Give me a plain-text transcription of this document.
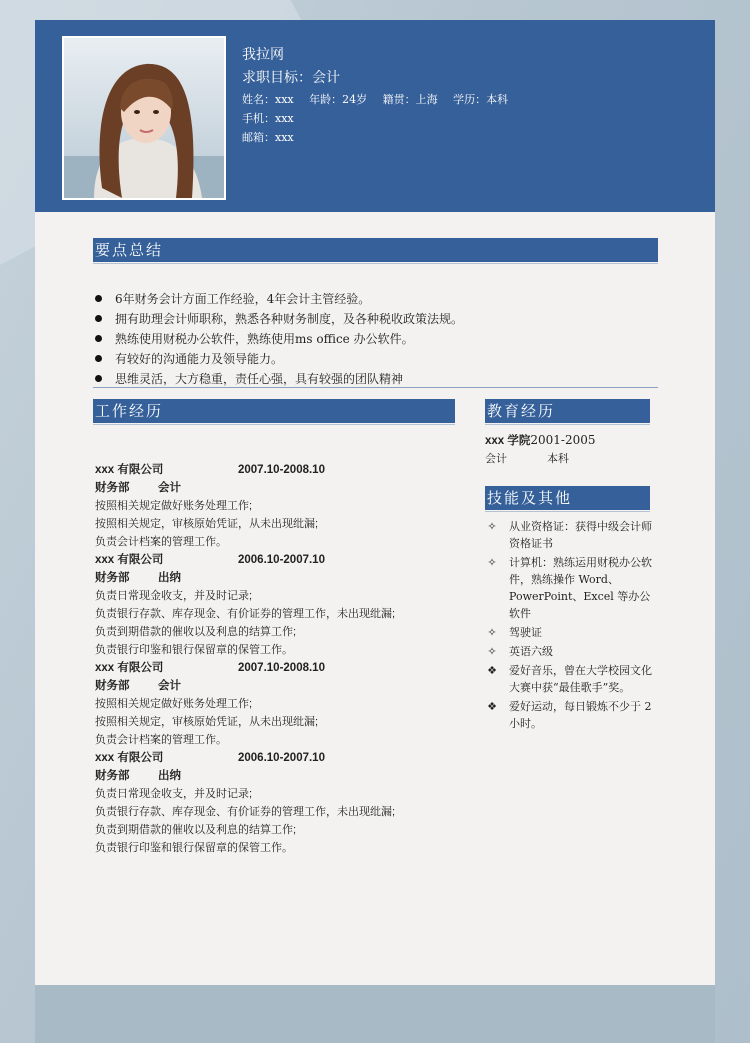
我拉网
求职目标：会计
姓名：xxx 年龄：24岁 籍贯：上海 学历：本科
手机：xxx
邮箱：xxx
要点总结
6年财务会计方面工作经验，4年会计主管经验。
拥有助理会计师职称，熟悉各种财务制度，及各种税收政策法规。
熟练使用财税办公软件，熟练使用ms office 办公软件。
有较好的沟通能力及领导能力。
思维灵活，大方稳重，责任心强，具有较强的团队精神
工作经历	教育经历
xxx 有限公司	2007.10-2008.10
财务部 会计
按照相关规定做好账务处理工作;
按照相关规定，审核原始凭证，从未出现纰漏;
负责会计档案的管理工作。
xxx 有限公司	2006.10-2007.10
财务部 出纳
负责日常现金收支，并及时记录;
负责银行存款、库存现金、有价证券的管理工作，未出现纰漏;
负责到期借款的催收以及利息的结算工作;
负责银行印鉴和银行保留章的保管工作。
xxx 有限公司	2007.10-2008.10
财务部 会计
按照相关规定做好账务处理工作;
按照相关规定，审核原始凭证，从未出现纰漏;
负责会计档案的管理工作。
xxx 有限公司	2006.10-2007.10
财务部 出纳
负责日常现金收支，并及时记录;
负责银行存款、库存现金、有价证券的管理工作，未出现纰漏;
负责到期借款的催收以及利息的结算工作;
负责银行印鉴和银行保留章的保管工作。
xxx 学院2001-2005
会计	本科
技能及其他
✧ 从业资格证：获得中级会计师资格证书
✧ 计算机：熟练运用财税办公软件，熟练操作 Word、PowerPoint、Excel 等办公软件
✧ 驾驶证
✧ 英语六级
❖ 爱好音乐，曾在大学校园文化大赛中获“最佳歌手”奖。
❖ 爱好运动，每日锻炼不少于 2 小时。
